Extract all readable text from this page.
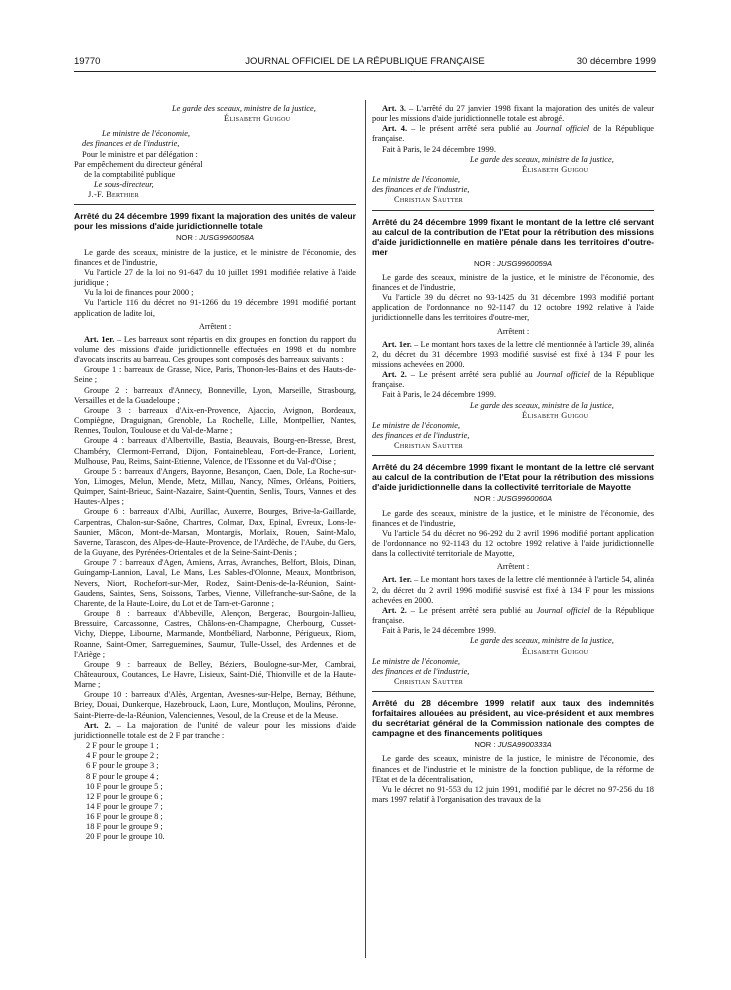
19770	JOURNAL OFFICIEL DE LA RÉPUBLIQUE FRANÇAISE	30 décembre 1999

Le garde des sceaux, ministre de la justice,

Élisabeth Guigou

Le ministre de l'économie,

des finances et de l'industrie,

Pour le ministre et par délégation :

Par empêchement du directeur général

de la comptabilité publique

Le sous-directeur,

J.-F. Berthier

Arrêté du 24 décembre 1999 fixant la majoration des unités de valeur pour les missions d'aide juridictionnelle totale

NOR : JUSG9960058A

Le garde des sceaux, ministre de la justice, et le ministre de l'économie, des finances et de l'industrie,

Vu l'article 27 de la loi no 91-647 du 10 juillet 1991 modifiée relative à l'aide juridique ;

Vu la loi de finances pour 2000 ;

Vu l'article 116 du décret no 91-1266 du 19 décembre 1991 modifié portant application de ladite loi,

Arrêtent :

Art. 1er. – Les barreaux sont répartis en dix groupes en fonction du rapport du volume des missions d'aide juridictionnelle effectuées en 1998 et du nombre d'avocats inscrits au barreau. Ces groupes sont composés des barreaux suivants :

Groupe 1 : barreaux de Grasse, Nice, Paris, Thonon-les-Bains et des Hauts-de-Seine ;

Groupe 2 : barreaux d'Annecy, Bonneville, Lyon, Marseille, Strasbourg, Versailles et de la Guadeloupe ;

Groupe 3 : barreaux d'Aix-en-Provence, Ajaccio, Avignon, Bordeaux, Compiègne, Draguignan, Grenoble, La Rochelle, Lille, Montpellier, Nantes, Rennes, Toulon, Toulouse et du Val-de-Marne ;

Groupe 4 : barreaux d'Albertville, Bastia, Beauvais, Bourg-en-Bresse, Brest, Chambéry, Clermont-Ferrand, Dijon, Fontainebleau, Fort-de-France, Lorient, Mulhouse, Pau, Reims, Saint-Etienne, Valence, de l'Essonne et du Val-d'Oise ;

Groupe 5 : barreaux d'Angers, Bayonne, Besançon, Caen, Dole, La Roche-sur-Yon, Limoges, Melun, Mende, Metz, Millau, Nancy, Nîmes, Orléans, Poitiers, Quimper, Saint-Brieuc, Saint-Nazaire, Saint-Quentin, Senlis, Tours, Vannes et des Hautes-Alpes ;

Groupe 6 : barreaux d'Albi, Aurillac, Auxerre, Bourges, Brive-la-Gaillarde, Carpentras, Chalon-sur-Saône, Chartres, Colmar, Dax, Epinal, Evreux, Lons-le-Saunier, Mâcon, Mont-de-Marsan, Montargis, Morlaix, Rouen, Saint-Malo, Saverne, Tarascon, des Alpes-de-Haute-Provence, de l'Ardèche, de l'Aube, du Gers, de la Guyane, des Pyrénées-Orientales et de la Seine-Saint-Denis ;

Groupe 7 : barreaux d'Agen, Amiens, Arras, Avranches, Belfort, Blois, Dinan, Guingamp-Lannion, Laval, Le Mans, Les Sables-d'Olonne, Meaux, Montbrison, Nevers, Niort, Rochefort-sur-Mer, Rodez, Saint-Denis-de-la-Réunion, Saint-Gaudens, Saintes, Sens, Soissons, Tarbes, Vienne, Villefranche-sur-Saône, de la Charente, de la Haute-Loire, du Lot et de Tarn-et-Garonne ;

Groupe 8 : barreaux d'Abbeville, Alençon, Bergerac, Bourgoin-Jallieu, Bressuire, Carcassonne, Castres, Châlons-en-Champagne, Cherbourg, Cusset-Vichy, Dieppe, Libourne, Marmande, Montbéliard, Narbonne, Périgueux, Riom, Roanne, Saint-Omer, Sarreguemines, Saumur, Tulle-Ussel, des Ardennes et de l'Ariège ;

Groupe 9 : barreaux de Belley, Béziers, Boulogne-sur-Mer, Cambrai, Châteauroux, Coutances, Le Havre, Lisieux, Saint-Dié, Thionville et de la Haute-Marne ;

Groupe 10 : barreaux d'Alès, Argentan, Avesnes-sur-Helpe, Bernay, Béthune, Briey, Douai, Dunkerque, Hazebrouck, Laon, Lure, Montluçon, Moulins, Péronne, Saint-Pierre-de-la-Réunion, Valenciennes, Vesoul, de la Creuse et de la Meuse.

Art. 2. – La majoration de l'unité de valeur pour les missions d'aide juridictionnelle totale est de 2 F par tranche :

2 F pour le groupe 1 ;

4 F pour le groupe 2 ;

6 F pour le groupe 3 ;

8 F pour le groupe 4 ;

10 F pour le groupe 5 ;

12 F pour le groupe 6 ;

14 F pour le groupe 7 ;

16 F pour le groupe 8 ;

18 F pour le groupe 9 ;

20 F pour le groupe 10.

Art. 3. – L'arrêté du 27 janvier 1998 fixant la majoration des unités de valeur pour les missions d'aide juridictionnelle totale est abrogé.

Art. 4. – le présent arrêté sera publié au Journal officiel de la République française.

Fait à Paris, le 24 décembre 1999.

Le garde des sceaux, ministre de la justice,

Élisabeth Guigou

Le ministre de l'économie,

des finances et de l'industrie,

Christian Sautter

Arrêté du 24 décembre 1999 fixant le montant de la lettre clé servant au calcul de la contribution de l'Etat pour la rétribution des missions d'aide juridictionnelle en matière pénale dans les territoires d'outre-mer

NOR : JUSG9960059A

Le garde des sceaux, ministre de la justice, et le ministre de l'économie, des finances et de l'industrie,

Vu l'article 39 du décret no 93-1425 du 31 décembre 1993 modifié portant application de l'ordonnance no 92-1147 du 12 octobre 1992 relative à l'aide juridictionnelle dans les territoires d'outre-mer,

Arrêtent :

Art. 1er. – Le montant hors taxes de la lettre clé mentionnée à l'article 39, alinéa 2, du décret du 31 décembre 1993 modifié susvisé est fixé à 134 F pour les missions achevées en 2000.

Art. 2. – Le présent arrêté sera publié au Journal officiel de la République française.

Fait à Paris, le 24 décembre 1999.

Le garde des sceaux, ministre de la justice,

Élisabeth Guigou

Le ministre de l'économie,

des finances et de l'industrie,

Christian Sautter

Arrêté du 24 décembre 1999 fixant le montant de la lettre clé servant au calcul de la contribution de l'Etat pour la rétribution des missions d'aide juridictionnelle dans la collectivité territoriale de Mayotte

NOR : JUSG9960060A

Le garde des sceaux, ministre de la justice, et le ministre de l'économie, des finances et de l'industrie,

Vu l'article 54 du décret no 96-292 du 2 avril 1996 modifié portant application de l'ordonnance no 92-1143 du 12 octobre 1992 relative à l'aide juridictionnelle dans la collectivité territoriale de Mayotte,

Arrêtent :

Art. 1er. – Le montant hors taxes de la lettre clé mentionnée à l'article 54, alinéa 2, du décret du 2 avril 1996 modifié susvisé est fixé à 134 F pour les missions achevées en 2000.

Art. 2. – Le présent arrêté sera publié au Journal officiel de la République française.

Fait à Paris, le 24 décembre 1999.

Le garde des sceaux, ministre de la justice,

Élisabeth Guigou

Le ministre de l'économie,

des finances et de l'industrie,

Christian Sautter

Arrêté du 28 décembre 1999 relatif aux taux des indemnités forfaitaires allouées au président, au vice-président et aux membres du secrétariat général de la Commission nationale des comptes de campagne et des financements politiques

NOR : JUSA9900333A

Le garde des sceaux, ministre de la justice, le ministre de l'économie, des finances et de l'industrie et le ministre de la fonction publique, de la réforme de l'Etat et de la décentralisation,

Vu le décret no 91-553 du 12 juin 1991, modifié par le décret no 97-256 du 18 mars 1997 relatif à l'organisation des travaux de la
